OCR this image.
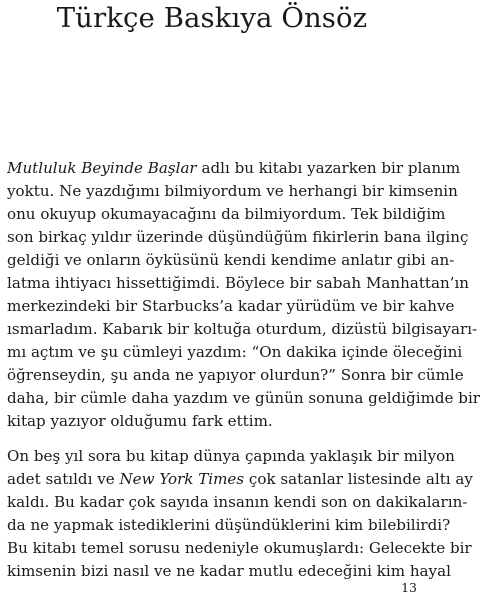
Türkçe Baskıya Önsöz
Mutluluk Beyinde Başlar adlı bu kitabı yazarken bir planım
yoktu. Ne yazdığımı bilmiyordum ve herhangi bir kimsenin
onu okuyup okumayacağını da bilmiyordum. Tek bildiğim
son birkaç yıldır üzerinde düşündüğüm fikirlerin bana ilginç
geldiği ve onların öyküsünü kendi kendime anlatır gibi an-
latma ihtiyacı hissettiğimdi. Böylece bir sabah Manhattan’ın
merkezindeki bir Starbucks’a kadar yürüdüm ve bir kahve
ısmarladım. Kabarık bir koltuğa oturdum, dizüstü bilgisayarı-
mı açtım ve şu cümleyi yazdım: “On dakika içinde öleceğini
öğrenseydin, şu anda ne yapıyor olurdun?” Sonra bir cümle
daha, bir cümle daha yazdım ve günün sonuna geldiğimde bir
kitap yazıyor olduğumu fark ettim.
On beş yıl sora bu kitap dünya çapında yaklaşık bir milyon
adet satıldı ve New York Times çok satanlar listesinde altı ay
kaldı. Bu kadar çok sayıda insanın kendi son on dakikaların-
da ne yapmak istediklerini düşündüklerini kim bilebilirdi?
Bu kitabı temel sorusu nedeniyle okumuşlardı: Gelecekte bir
kimsenin bizi nasıl ve ne kadar mutlu edeceğini kim hayal
13
